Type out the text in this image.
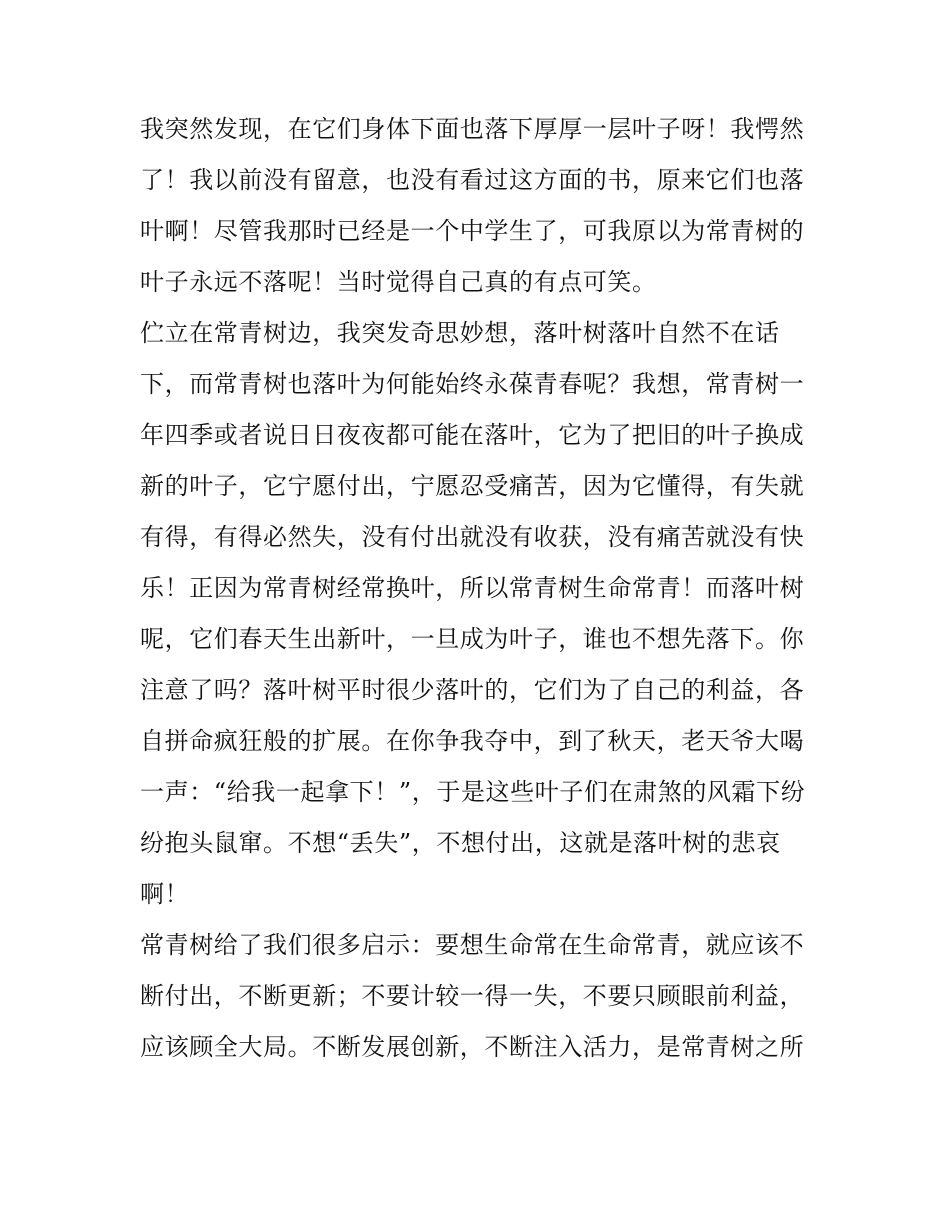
我突然发现，在它们身体下面也落下厚厚一层叶子呀！我愕然
了！我以前没有留意，也没有看过这方面的书，原来它们也落
叶啊！尽管我那时已经是一个中学生了，可我原以为常青树的
叶子永远不落呢！当时觉得自己真的有点可笑。
伫立在常青树边，我突发奇思妙想，落叶树落叶自然不在话
下，而常青树也落叶为何能始终永葆青春呢？我想，常青树一
年四季或者说日日夜夜都可能在落叶，它为了把旧的叶子换成
新的叶子，它宁愿付出，宁愿忍受痛苦，因为它懂得，有失就
有得，有得必然失，没有付出就没有收获，没有痛苦就没有快
乐！正因为常青树经常换叶，所以常青树生命常青！而落叶树
呢，它们春天生出新叶，一旦成为叶子，谁也不想先落下。你
注意了吗？落叶树平时很少落叶的，它们为了自己的利益，各
自拼命疯狂般的扩展。在你争我夺中，到了秋天，老天爷大喝
一声：“给我一起拿下！”，于是这些叶子们在肃煞的风霜下纷
纷抱头鼠窜。不想“丢失”，不想付出，这就是落叶树的悲哀
啊！
常青树给了我们很多启示：要想生命常在生命常青，就应该不
断付出，不断更新；不要计较一得一失，不要只顾眼前利益，
应该顾全大局。不断发展创新，不断注入活力，是常青树之所
